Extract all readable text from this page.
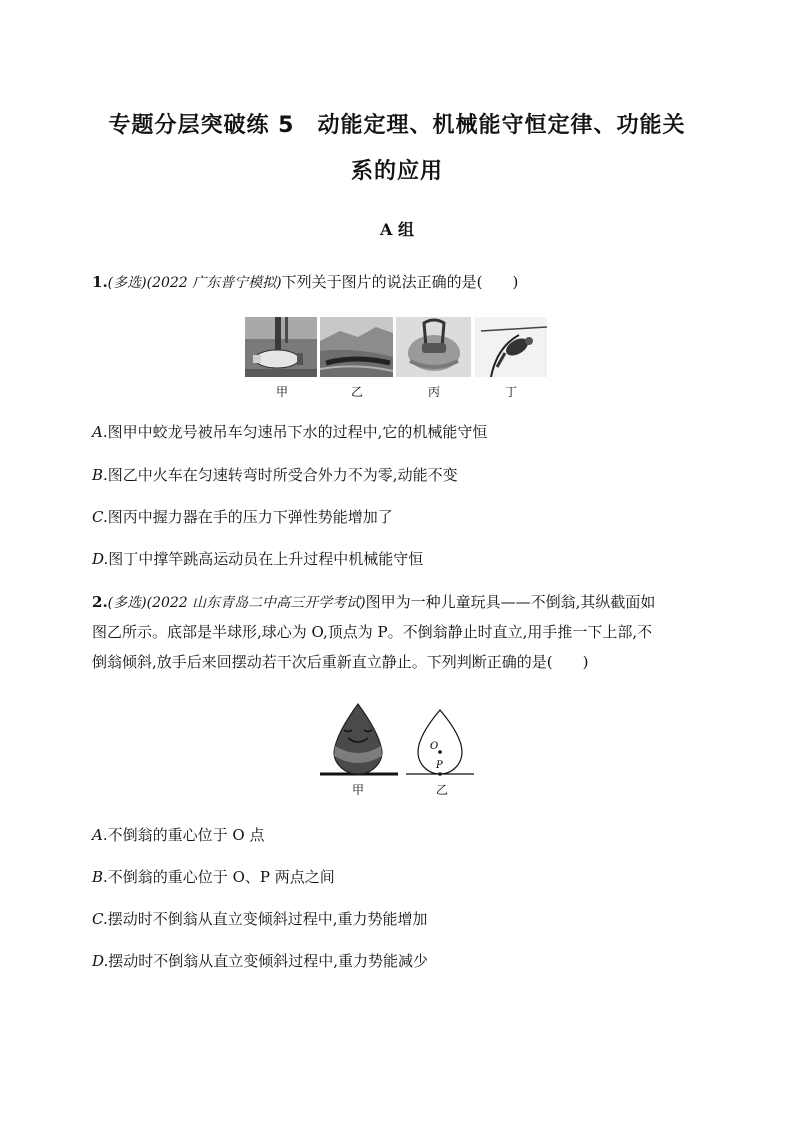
专题分层突破练 5　动能定理、机械能守恒定律、功能关
系的应用
A 组
1.(多选)(2022 广东普宁模拟)下列关于图片的说法正确的是(　　)
甲	乙	丙	丁
A.图甲中蛟龙号被吊车匀速吊下水的过程中,它的机械能守恒
B.图乙中火车在匀速转弯时所受合外力不为零,动能不变
C.图丙中握力器在手的压力下弹性势能增加了
D.图丁中撑竿跳高运动员在上升过程中机械能守恒
2.(多选)(2022 山东青岛二中高三开学考试)图甲为一种儿童玩具——不倒翁,其纵截面如
图乙所示。底部是半球形,球心为 O,顶点为 P。不倒翁静止时直立,用手推一下上部,不
倒翁倾斜,放手后来回摆动若干次后重新直立静止。下列判断正确的是(　　)
O
P
甲	乙
A.不倒翁的重心位于 O 点
B.不倒翁的重心位于 O、P 两点之间
C.摆动时不倒翁从直立变倾斜过程中,重力势能增加
D.摆动时不倒翁从直立变倾斜过程中,重力势能减少
